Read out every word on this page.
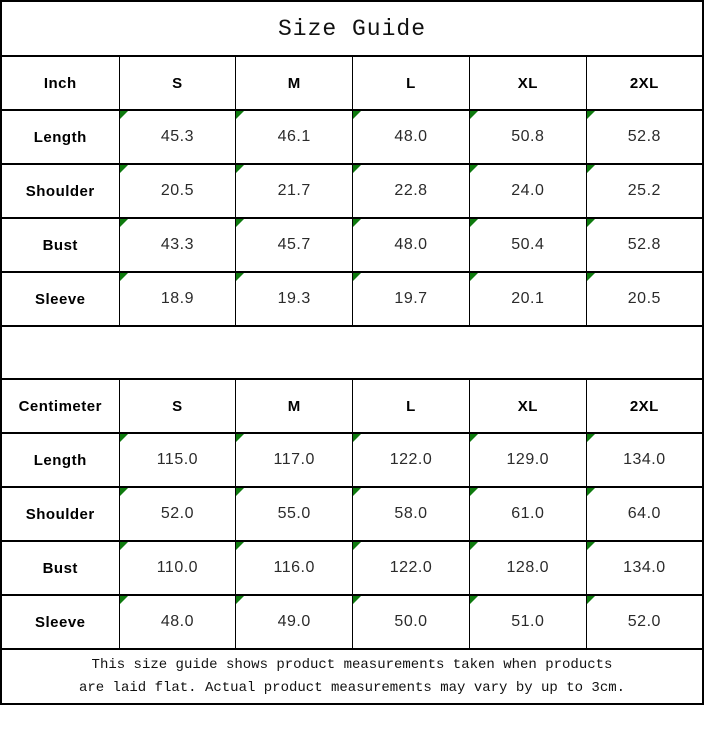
Size Guide					
Inch	S	M	L	XL	2XL
Length	45.3	46.1	48.0	50.8	52.8
Shoulder	20.5	21.7	22.8	24.0	25.2
Bust	43.3	45.7	48.0	50.4	52.8
Sleeve	18.9	19.3	19.7	20.1	20.5

Centimeter	S	M	L	XL	2XL
Length	115.0	117.0	122.0	129.0	134.0
Shoulder	52.0	55.0	58.0	61.0	64.0
Bust	110.0	116.0	122.0	128.0	134.0
Sleeve	48.0	49.0	50.0	51.0	52.0

This size guide shows product measurements taken when products
are laid flat. Actual product measurements may vary by up to 3cm.					
